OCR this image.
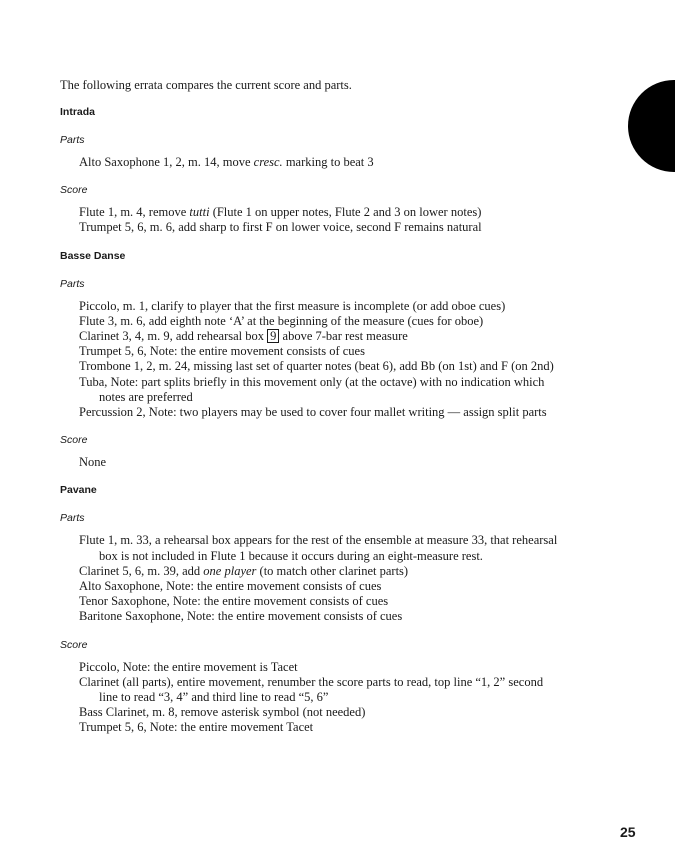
The following errata compares the current score and parts.

Intrada
Parts
Alto Saxophone 1, 2, m. 14, move cresc. marking to beat 3
Score
Flute 1, m. 4, remove tutti (Flute 1 on upper notes, Flute 2 and 3 on lower notes)
Trumpet 5, 6, m. 6, add sharp to first F on lower voice, second F remains natural
Basse Danse
Parts
Piccolo, m. 1, clarify to player that the first measure is incomplete (or add oboe cues)
Flute 3, m. 6, add eighth note ‘A’ at the beginning of the measure (cues for oboe)
Clarinet 3, 4, m. 9, add rehearsal box 9 above 7-bar rest measure
Trumpet 5, 6, Note: the entire movement consists of cues
Trombone 1, 2, m. 24, missing last set of quarter notes (beat 6), add Bb (on 1st) and F (on 2nd)
Tuba, Note: part splits briefly in this movement only (at the octave) with no indication which notes are preferred
Percussion 2, Note: two players may be used to cover four mallet writing — assign split parts
Score
None
Pavane
Parts
Flute 1, m. 33, a rehearsal box appears for the rest of the ensemble at measure 33, that rehearsal box is not included in Flute 1 because it occurs during an eight-measure rest.
Clarinet 5, 6, m. 39, add one player (to match other clarinet parts)
Alto Saxophone, Note: the entire movement consists of cues
Tenor Saxophone, Note: the entire movement consists of cues
Baritone Saxophone, Note: the entire movement consists of cues
Score
Piccolo, Note: the entire movement is Tacet
Clarinet (all parts), entire movement, renumber the score parts to read, top line “1, 2” second line to read “3, 4” and third line to read “5, 6”
Bass Clarinet, m. 8, remove asterisk symbol (not needed)
Trumpet 5, 6, Note: the entire movement Tacet
25
